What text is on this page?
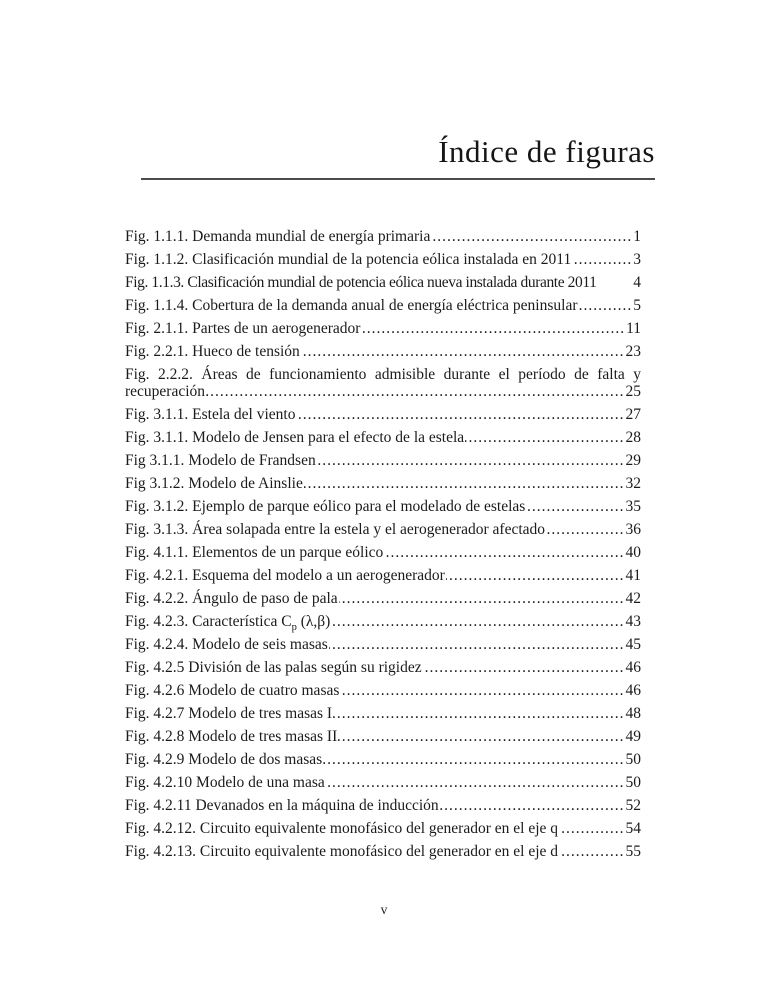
Índice de figuras
Fig. 1.1.1. Demanda mundial de energía primaria .....	1
Fig. 1.1.2. Clasificación mundial de la potencia eólica instalada en 2011 .....	3
Fig. 1.1.3. Clasificación mundial de potencia eólica nueva instalada durante 2011 4
Fig. 1.1.4. Cobertura de la demanda anual de energía eléctrica peninsular .....	5
Fig. 2.1.1. Partes de un aerogenerador .....	11
Fig. 2.2.1. Hueco de tensión .....	23
Fig. 2.2.2. Áreas de funcionamiento admisible durante el período de falta y
recuperación .....	25
Fig. 3.1.1. Estela del viento .....	27
Fig. 3.1.1. Modelo de Jensen para el efecto de la estela .....	28
Fig 3.1.1. Modelo de Frandsen .....	29
Fig 3.1.2. Modelo de Ainslie .....	32
Fig. 3.1.2. Ejemplo de parque eólico para el modelado de estelas .....	35
Fig. 3.1.3. Área solapada entre la estela y el aerogenerador afectado .....	36
Fig. 4.1.1. Elementos de un parque eólico .....	40
Fig. 4.2.1. Esquema del modelo a un aerogenerador .....	41
Fig. 4.2.2. Ángulo de paso de pala .....	42
Fig. 4.2.3. Característica $C_p$ (λ,β) .....	43
Fig. 4.2.4. Modelo de seis masas .....	45
Fig. 4.2.5 División de las palas según su rigidez .....	46
Fig. 4.2.6 Modelo de cuatro masas .....	46
Fig. 4.2.7 Modelo de tres masas I .....	48
Fig. 4.2.8 Modelo de tres masas II .....	49
Fig. 4.2.9 Modelo de dos masas .....	50
Fig. 4.2.10 Modelo de una masa .....	50
Fig. 4.2.11 Devanados en la máquina de inducción .....	52
Fig. 4.2.12. Circuito equivalente monofásico del generador en el eje q .....	54
Fig. 4.2.13. Circuito equivalente monofásico del generador en el eje d .....	55
v
